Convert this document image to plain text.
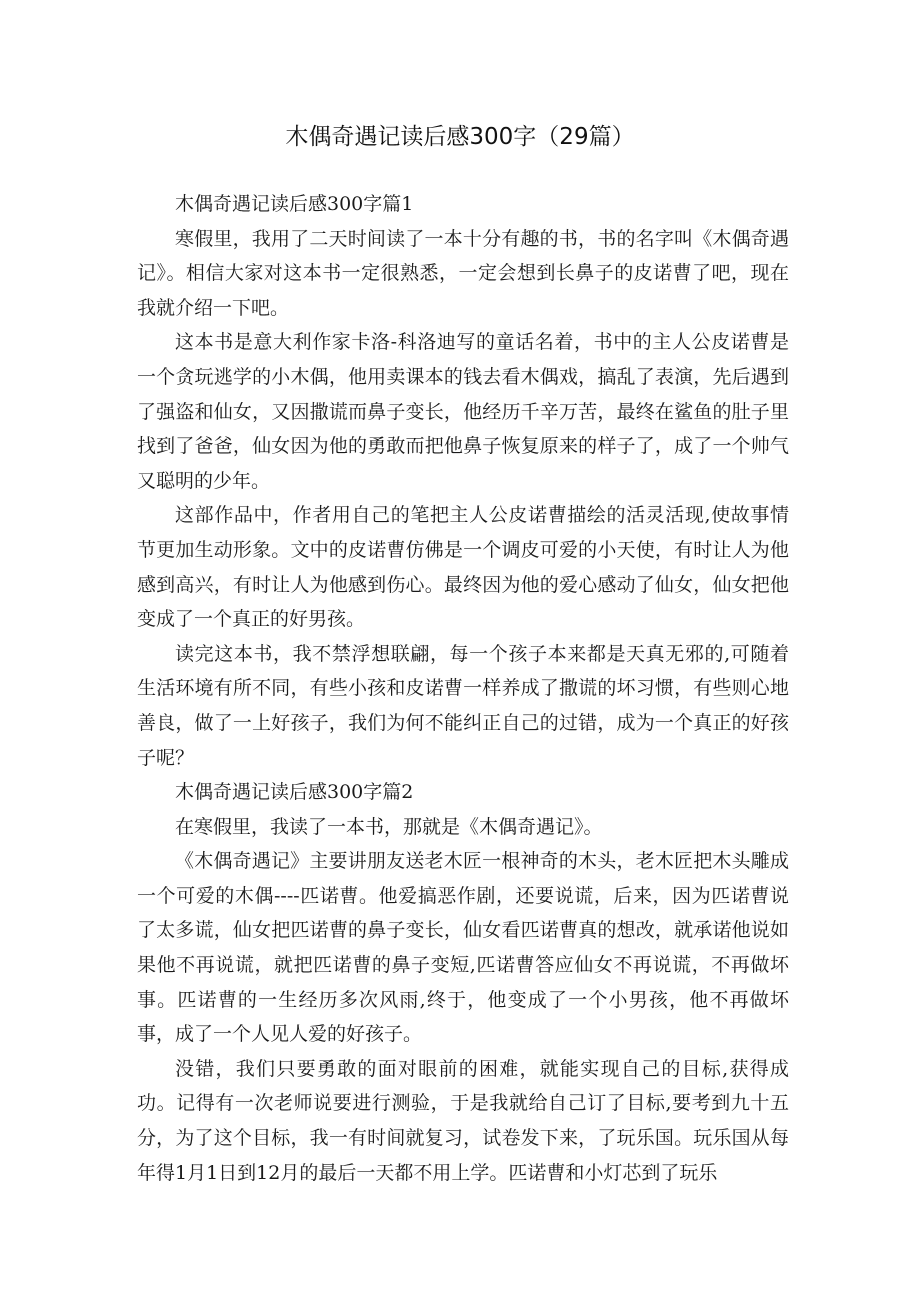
木偶奇遇记读后感300字（29篇）

木偶奇遇记读后感300字篇1

寒假里，我用了二天时间读了一本十分有趣的书，书的名字叫《木偶奇遇记》。相信大家对这本书一定很熟悉，一定会想到长鼻子的皮诺曹了吧，现在我就介绍一下吧。

这本书是意大利作家卡洛-科洛迪写的童话名着，书中的主人公皮诺曹是一个贪玩逃学的小木偶，他用卖课本的钱去看木偶戏，搞乱了表演，先后遇到了强盗和仙女，又因撒谎而鼻子变长，他经历千辛万苦，最终在鲨鱼的肚子里找到了爸爸，仙女因为他的勇敢而把他鼻子恢复原来的样子了，成了一个帅气又聪明的少年。

这部作品中，作者用自己的笔把主人公皮诺曹描绘的活灵活现,使故事情节更加生动形象。文中的皮诺曹仿佛是一个调皮可爱的小天使，有时让人为他感到高兴，有时让人为他感到伤心。最终因为他的爱心感动了仙女，仙女把他变成了一个真正的好男孩。

读完这本书，我不禁浮想联翩，每一个孩子本来都是天真无邪的,可随着生活环境有所不同，有些小孩和皮诺曹一样养成了撒谎的坏习惯，有些则心地善良，做了一上好孩子，我们为何不能纠正自己的过错，成为一个真正的好孩子呢？

木偶奇遇记读后感300字篇2

在寒假里，我读了一本书，那就是《木偶奇遇记》。

《木偶奇遇记》主要讲朋友送老木匠一根神奇的木头，老木匠把木头雕成一个可爱的木偶----匹诺曹。他爱搞恶作剧，还要说谎，后来，因为匹诺曹说了太多谎，仙女把匹诺曹的鼻子变长，仙女看匹诺曹真的想改，就承诺他说如果他不再说谎，就把匹诺曹的鼻子变短,匹诺曹答应仙女不再说谎，不再做坏事。匹诺曹的一生经历多次风雨,终于，他变成了一个小男孩，他不再做坏事，成了一个人见人爱的好孩子。

没错，我们只要勇敢的面对眼前的困难，就能实现自己的目标,获得成功。记得有一次老师说要进行测验，于是我就给自己订了目标,要考到九十五分，为了这个目标，我一有时间就复习，试卷发下来，了玩乐国。玩乐国从每年得1月1日到12月的最后一天都不用上学。匹诺曹和小灯芯到了玩乐
